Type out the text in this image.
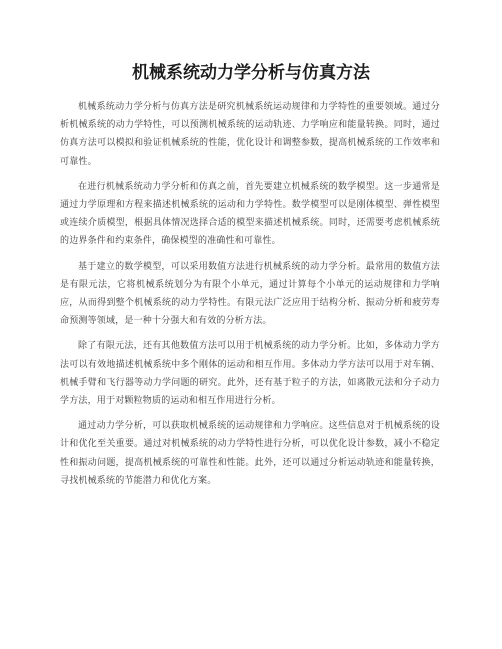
机械系统动力学分析与仿真方法

机械系统动力学分析与仿真方法是研究机械系统运动规律和力学特性的重要领域。通过分析机械系统的动力学特性，可以预测机械系统的运动轨迹、力学响应和能量转换。同时，通过仿真方法可以模拟和验证机械系统的性能，优化设计和调整参数，提高机械系统的工作效率和可靠性。

在进行机械系统动力学分析和仿真之前，首先要建立机械系统的数学模型。这一步通常是通过力学原理和方程来描述机械系统的运动和力学特性。数学模型可以是刚体模型、弹性模型或连续介质模型，根据具体情况选择合适的模型来描述机械系统。同时，还需要考虑机械系统的边界条件和约束条件，确保模型的准确性和可靠性。

基于建立的数学模型，可以采用数值方法进行机械系统的动力学分析。最常用的数值方法是有限元法，它将机械系统划分为有限个小单元，通过计算每个小单元的运动规律和力学响应，从而得到整个机械系统的动力学特性。有限元法广泛应用于结构分析、振动分析和疲劳寿命预测等领域，是一种十分强大和有效的分析方法。

除了有限元法，还有其他数值方法可以用于机械系统的动力学分析。比如，多体动力学方法可以有效地描述机械系统中多个刚体的运动和相互作用。多体动力学方法可以用于对车辆、机械手臂和飞行器等动力学问题的研究。此外，还有基于粒子的方法，如离散元法和分子动力学方法，用于对颗粒物质的运动和相互作用进行分析。

通过动力学分析，可以获取机械系统的运动规律和力学响应。这些信息对于机械系统的设计和优化至关重要。通过对机械系统的动力学特性进行分析，可以优化设计参数，减小不稳定性和振动问题，提高机械系统的可靠性和性能。此外，还可以通过分析运动轨迹和能量转换，寻找机械系统的节能潜力和优化方案。
